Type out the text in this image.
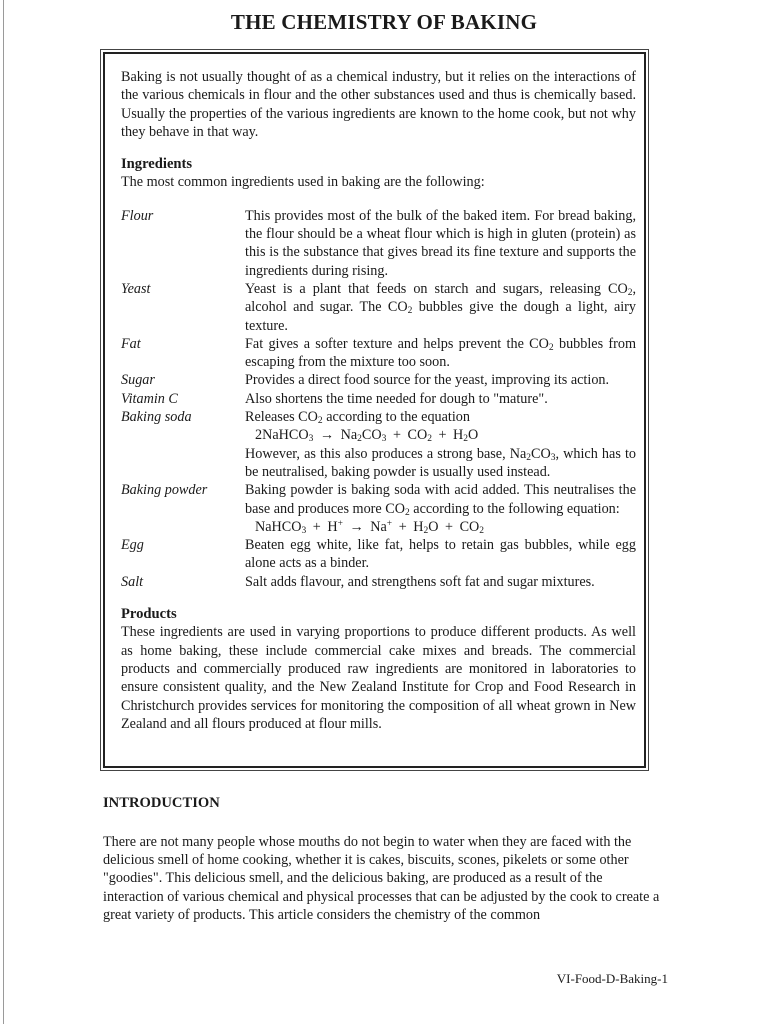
THE CHEMISTRY OF BAKING

Baking is not usually thought of as a chemical industry, but it relies on the interactions of the various chemicals in flour and the other substances used and thus is chemically based. Usually the properties of the various ingredients are known to the home cook, but not why they behave in that way.

Ingredients

The most common ingredients used in baking are the following:

Flour	This provides most of the bulk of the baked item. For bread baking, the flour should be a wheat flour which is high in gluten (protein) as this is the substance that gives bread its fine texture and supports the ingredients during rising.
Yeast	Yeast is a plant that feeds on starch and sugars, releasing $CO_2$, alcohol and sugar. The $CO_2$ bubbles give the dough a light, airy texture.
Fat	Fat gives a softer texture and helps prevent the $CO_2$ bubbles from escaping from the mixture too soon.
Sugar	Provides a direct food source for the yeast, improving its action.
Vitamin C	Also shortens the time needed for dough to "mature".
Baking soda	Releases $CO_2$ according to the equation
2NaHCO$_3$ → $Na_2CO_3 + CO_2 + H_2O$
However, as this also produces a strong base, $Na_2CO_3$, which has to be neutralised, baking powder is usually used instead.
Baking powder	Baking powder is baking soda with acid added. This neutralises the base and produces more $CO_2$ according to the following equation:
NaHCO$_3$ + $H^+ \to Na^+ + H_2O + CO_2$
Egg	Beaten egg white, like fat, helps to retain gas bubbles, while egg alone acts as a binder.
Salt	Salt adds flavour, and strengthens soft fat and sugar mixtures.

Products

These ingredients are used in varying proportions to produce different products. As well as home baking, these include commercial cake mixes and breads. The commercial products and commercially produced raw ingredients are monitored in laboratories to ensure consistent quality, and the New Zealand Institute for Crop and Food Research in Christchurch provides services for monitoring the composition of all wheat grown in New Zealand and all flours produced at flour mills.

INTRODUCTION

There are not many people whose mouths do not begin to water when they are faced with the delicious smell of home cooking, whether it is cakes, biscuits, scones, pikelets or some other "goodies". This delicious smell, and the delicious baking, are produced as a result of the interaction of various chemical and physical processes that can be adjusted by the cook to create a great variety of products. This article considers the chemistry of the common

VI-Food-D-Baking-1
